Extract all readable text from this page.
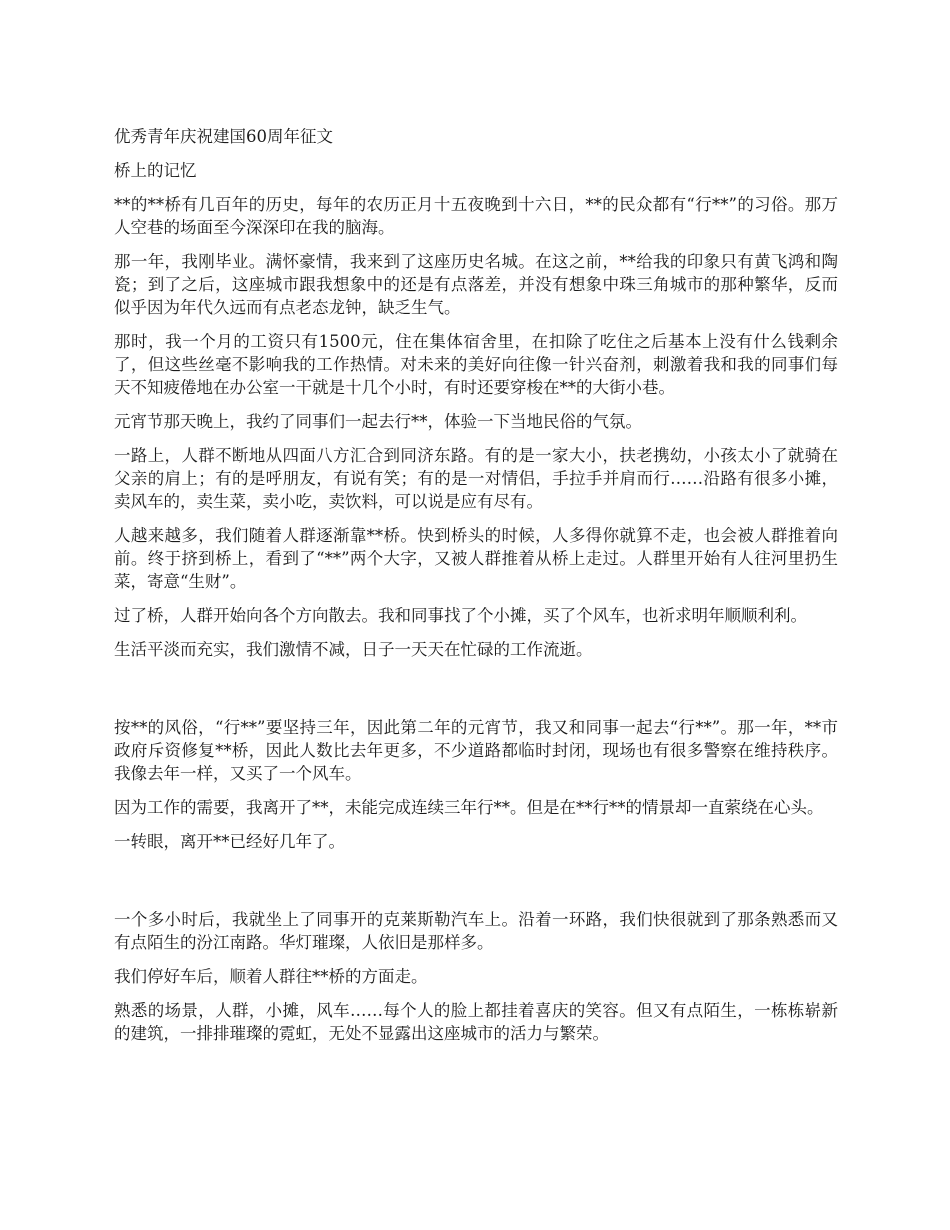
优秀青年庆祝建国60周年征文

桥上的记忆

**的**桥有几百年的历史，每年的农历正月十五夜晚到十六日，**的民众都有“行**”的习俗。那万人空巷的场面至今深深印在我的脑海。

那一年，我刚毕业。满怀豪情，我来到了这座历史名城。在这之前，**给我的印象只有黄飞鸿和陶瓷；到了之后，这座城市跟我想象中的还是有点落差，并没有想象中珠三角城市的那种繁华，反而似乎因为年代久远而有点老态龙钟，缺乏生气。

那时，我一个月的工资只有1500元，住在集体宿舍里，在扣除了吃住之后基本上没有什么钱剩余了，但这些丝毫不影响我的工作热情。对未来的美好向往像一针兴奋剂，刺激着我和我的同事们每天不知疲倦地在办公室一干就是十几个小时，有时还要穿梭在**的大街小巷。

元宵节那天晚上，我约了同事们一起去行**，体验一下当地民俗的气氛。

一路上，人群不断地从四面八方汇合到同济东路。有的是一家大小，扶老携幼，小孩太小了就骑在父亲的肩上；有的是呼朋友，有说有笑；有的是一对情侣，手拉手并肩而行……沿路有很多小摊，卖风车的，卖生菜，卖小吃，卖饮料，可以说是应有尽有。

人越来越多，我们随着人群逐渐靠**桥。快到桥头的时候，人多得你就算不走，也会被人群推着向前。终于挤到桥上，看到了“**”两个大字，又被人群推着从桥上走过。人群里开始有人往河里扔生菜，寄意“生财”。

过了桥，人群开始向各个方向散去。我和同事找了个小摊，买了个风车，也祈求明年顺顺利利。

生活平淡而充实，我们激情不减，日子一天天在忙碌的工作流逝。

按**的风俗，“行**”要坚持三年，因此第二年的元宵节，我又和同事一起去“行**”。那一年，**市政府斥资修复**桥，因此人数比去年更多，不少道路都临时封闭，现场也有很多警察在维持秩序。我像去年一样，又买了一个风车。

因为工作的需要，我离开了**，未能完成连续三年行**。但是在**行**的情景却一直萦绕在心头。

一转眼，离开**已经好几年了。

一个多小时后，我就坐上了同事开的克莱斯勒汽车上。沿着一环路，我们快很就到了那条熟悉而又有点陌生的汾江南路。华灯璀璨，人依旧是那样多。

我们停好车后，顺着人群往**桥的方面走。

熟悉的场景，人群，小摊，风车……每个人的脸上都挂着喜庆的笑容。但又有点陌生，一栋栋崭新的建筑，一排排璀璨的霓虹，无处不显露出这座城市的活力与繁荣。
